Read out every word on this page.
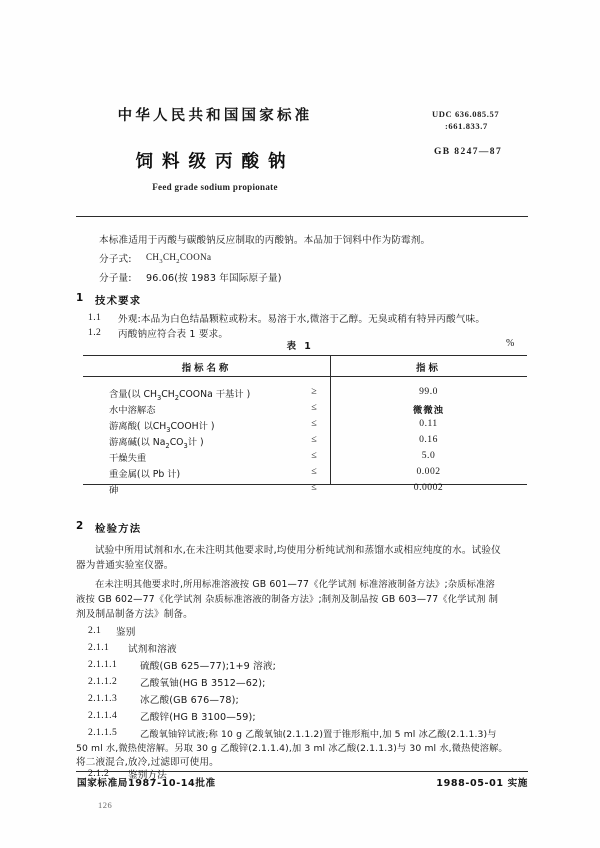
中华人民共和国国家标准
饲料级丙酸钠
Feed grade sodium propionate
UDC 636.085.57
:661.833.7
GB 8247—87
本标准适用于丙酸与碳酸钠反应制取的丙酸钠。本品加于饲料中作为防霉剂。
分子式: $CH_3CH_2COONa$
分子量: 96.06(按 1983 年国际原子量)
1 技术要求
1.1 外观:本品为白色结晶颗粒或粉末。易溶于水,微溶于乙醇。无臭或稍有特异丙酸气味。
1.2 丙酸钠应符合表 1 要求。
表 1	%
指标名称	指标
含量(以 $CH_3CH_2COONa$ 干基计 )	≥	99.0
水中溶解态	≤	微微浊
游离酸( 以$CH_3COOH$计 )	≤	0.11
游离碱(以 $Na_2CO_3$计 )	≤	0.16
干燥失重	≤	5.0
重金属(以 Pb 计)	≤	0.002
砷	≤	0.0002
2 检验方法
试验中所用试剂和水,在未注明其他要求时,均使用分析纯试剂和蒸馏水或相应纯度的水。试验仪
器为普通实验室仪器。
在未注明其他要求时,所用标准溶液按 GB 601—77《化学试剂 标准溶液制备方法》;杂质标准溶
液按 GB 602—77《化学试剂 杂质标准溶液的制备方法》;制剂及制品按 GB 603—77《化学试剂 制
剂及制品制备方法》制备。
2.1 鉴别
2.1.1 试剂和溶液
2.1.1.1 硫酸(GB 625—77);1+9 溶液;
2.1.1.2 乙酸氧铀(HG B 3512—62);
2.1.1.3 冰乙酸(GB 676—78);
2.1.1.4 乙酸锌(HG B 3100—59);
2.1.1.5 乙酸氧铀锌试液;称 10 g 乙酸氧铀(2.1.1.2)置于锥形瓶中,加 5 ml 冰乙酸(2.1.1.3)与
50 ml 水,微热使溶解。另取 30 g 乙酸锌(2.1.1.4),加 3 ml 冰乙酸(2.1.1.3)与 30 ml 水,微热使溶解。
将二液混合,放冷,过滤即可使用。
2.1.2 鉴别方法
国家标准局1987-10-14批准	1988-05-01 实施
126
